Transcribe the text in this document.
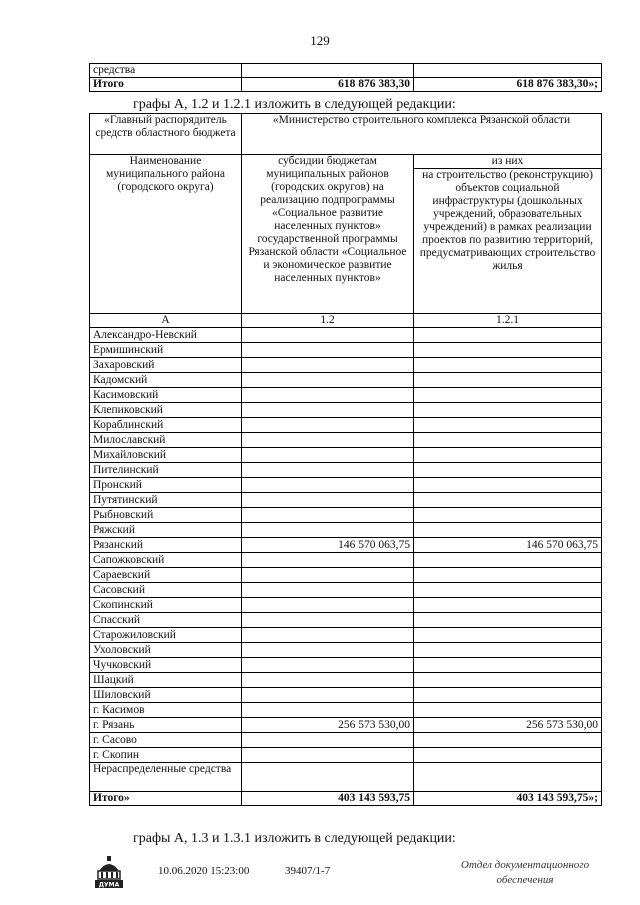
129
средства		
Итого	618 876 383,30	618 876 383,30»;
графы А, 1.2 и 1.2.1 изложить в следующей редакции:
«Главный распорядитель средств областного бюджета	«Министерство строительного комплекса Рязанской области	
Наименование муниципального района (городского округа)	субсидии бюджетам муниципальных районов (городских округов) на реализацию подпрограммы «Социальное развитие населенных пунктов» государственной программы Рязанской области «Социальное и экономическое развитие населенных пунктов»	из них
		на строительство (реконструкцию) объектов социальной инфраструктуры (дошкольных учреждений, образовательных учреждений) в рамках реализации проектов по развитию территорий, предусматривающих строительство жилья
А	1.2	1.2.1
Александро-Невский		
Ермишинский		
Захаровский		
Кадомский		
Касимовский		
Клепиковский		
Кораблинский		
Милославский		
Михайловский		
Пителинский		
Пронский		
Путятинский		
Рыбновский		
Ряжский		
Рязанский	146 570 063,75	146 570 063,75
Сапожковский		
Сараевский		
Сасовский		
Скопинский		
Спасский		
Старожиловский		
Ухоловский		
Чучковский		
Шацкий		
Шиловский		
г. Касимов		
г. Рязань	256 573 530,00	256 573 530,00
г. Сасово		
г. Скопин		
Нераспределенные средства		
Итого»	403 143 593,75	403 143 593,75»;
графы А, 1.3 и 1.3.1 изложить в следующей редакции:
ДУМА
10.06.2020 15:23:00	39407/1-7	Отдел документационного
обеспечения
